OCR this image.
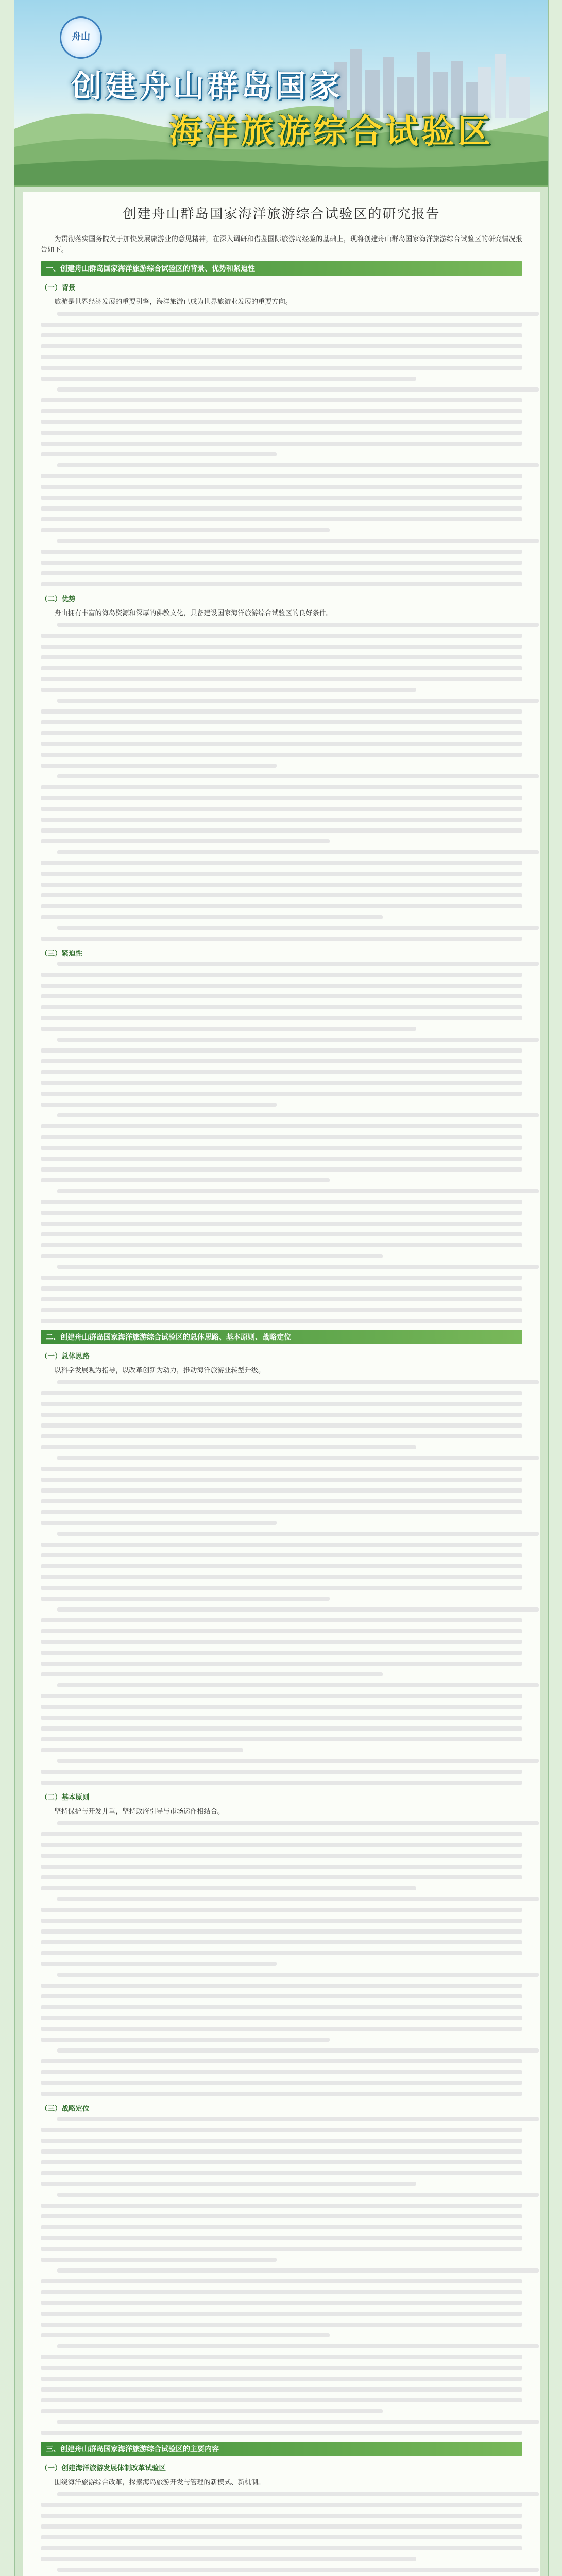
舟山
创建舟山群岛国家
海洋旅游综合试验区
创建舟山群岛国家海洋旅游综合试验区的研究报告

为贯彻落实国务院关于加快发展旅游业的意见精神，在深入调研和借鉴国际旅游岛经验的基础上，现将创建舟山群岛国家海洋旅游综合试验区的研究情况报告如下。

一、创建舟山群岛国家海洋旅游综合试验区的背景、优势和紧迫性
（一）背景

旅游是世界经济发展的重要引擎，海洋旅游已成为世界旅游业发展的重要方向。

（二）优势

舟山拥有丰富的海岛资源和深厚的佛教文化，具备建设国家海洋旅游综合试验区的良好条件。

（三）紧迫性
二、创建舟山群岛国家海洋旅游综合试验区的总体思路、基本原则、战略定位
（一）总体思路

以科学发展观为指导，以改革创新为动力，推动海洋旅游业转型升级。

（二）基本原则

坚持保护与开发并重，坚持政府引导与市场运作相结合。

（三）战略定位
三、创建舟山群岛国家海洋旅游综合试验区的主要内容
（一）创建海洋旅游发展体制改革试验区

围绕海洋旅游综合改革，探索海岛旅游开发与管理的新模式、新机制。
